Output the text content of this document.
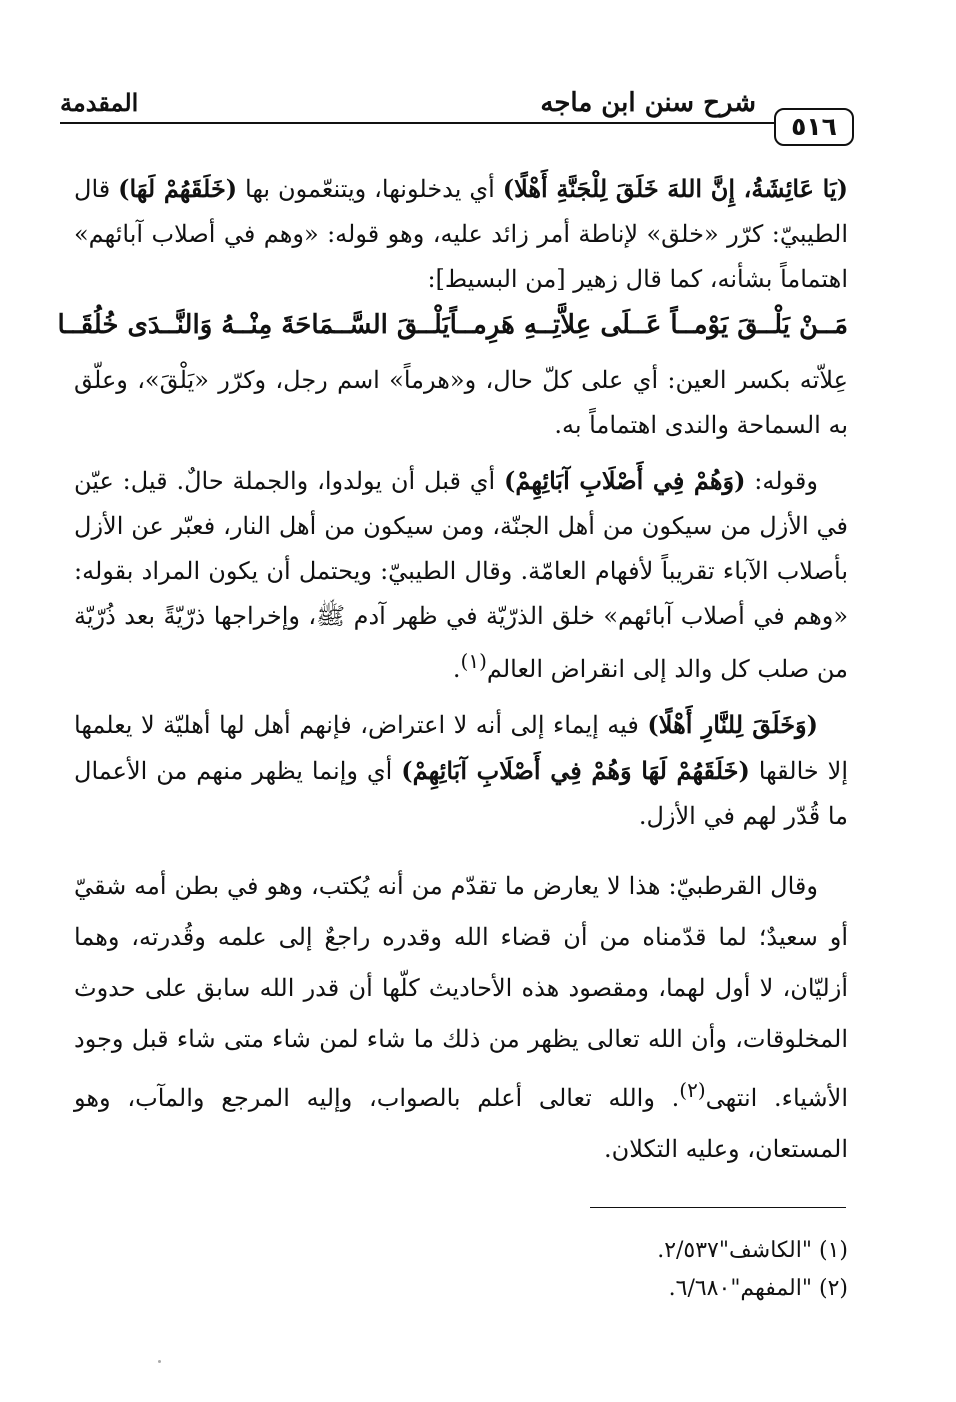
المقدمة	شرح سنن ابن ماجه
٥١٦

(يَا عَائِشَةُ، إِنَّ اللهَ خَلَقَ لِلْجَنَّةِ أَهْلًا) أي يدخلونها، ويتنعّمون بها (خَلَقَهُمْ لَهَا) قال الطيبيّ: كرّر «خلق» لإناطة أمر زائد عليه، وهو قوله: «وهم في أصلاب آبائهم» اهتماماً بشأنه، كما قال زهير [من البسيط]:

مَــنْ يَلْــقَ يَوْمــاً عَــلَى عِلاَّتِــهِ هَرِمــاً
يَلْــقَ السَّــمَاحَةَ مِنْــهُ وَالنَّــدَى خُلُقَــا

عِلاّته بكسر العين: أي على كلّ حال، و«هرماً» اسم رجل، وكرّر «يَلْقَ»، وعلّق به السماحة والندى اهتماماً به.

وقوله: (وَهُمْ فِي أَصْلَابِ آبَائِهِمْ) أي قبل أن يولدوا، والجملة حالٌ. قيل: عيّن في الأزل من سيكون من أهل الجنّة، ومن سيكون من أهل النار، فعبّر عن الأزل بأصلاب الآباء تقريباً لأفهام العامّة. وقال الطيبيّ: ويحتمل أن يكون المراد بقوله: «وهم في أصلاب آبائهم» خلق الذرّيّة في ظهر آدم ﷺ، وإخراجها ذرّيّةً بعد ذُرّيّة من صلب كل والد إلى انقراض العالم$^{(١)}$.

(وَخَلَقَ لِلنَّارِ أَهْلًا) فيه إيماء إلى أنه لا اعتراض، فإنهم أهل لها أهليّة لا يعلمها إلا خالقها (خَلَقَهُمْ لَهَا وَهُمْ فِي أَصْلَابِ آبَائِهِمْ) أي وإنما يظهر منهم من الأعمال ما قُدّر لهم في الأزل.

وقال القرطبيّ: هذا لا يعارض ما تقدّم من أنه يُكتب، وهو في بطن أمه شقيّ أو سعيدٌ؛ لما قدّمناه من أن قضاء الله وقدره راجعٌ إلى علمه وقُدرته، وهما أزليّان، لا أول لهما، ومقصود هذه الأحاديث كلّها أن قدر الله سابق على حدوث المخلوقات، وأن الله تعالى يظهر من ذلك ما شاء لمن شاء متى شاء قبل وجود الأشياء. انتهى$^{(٢)}$. والله تعالى أعلم بالصواب، وإليه المرجع والمآب، وهو المستعان، وعليه التكلان.

(١) "الكاشف"٢/٥٣٧.

(٢) "المفهم"٦/٦٨٠.
